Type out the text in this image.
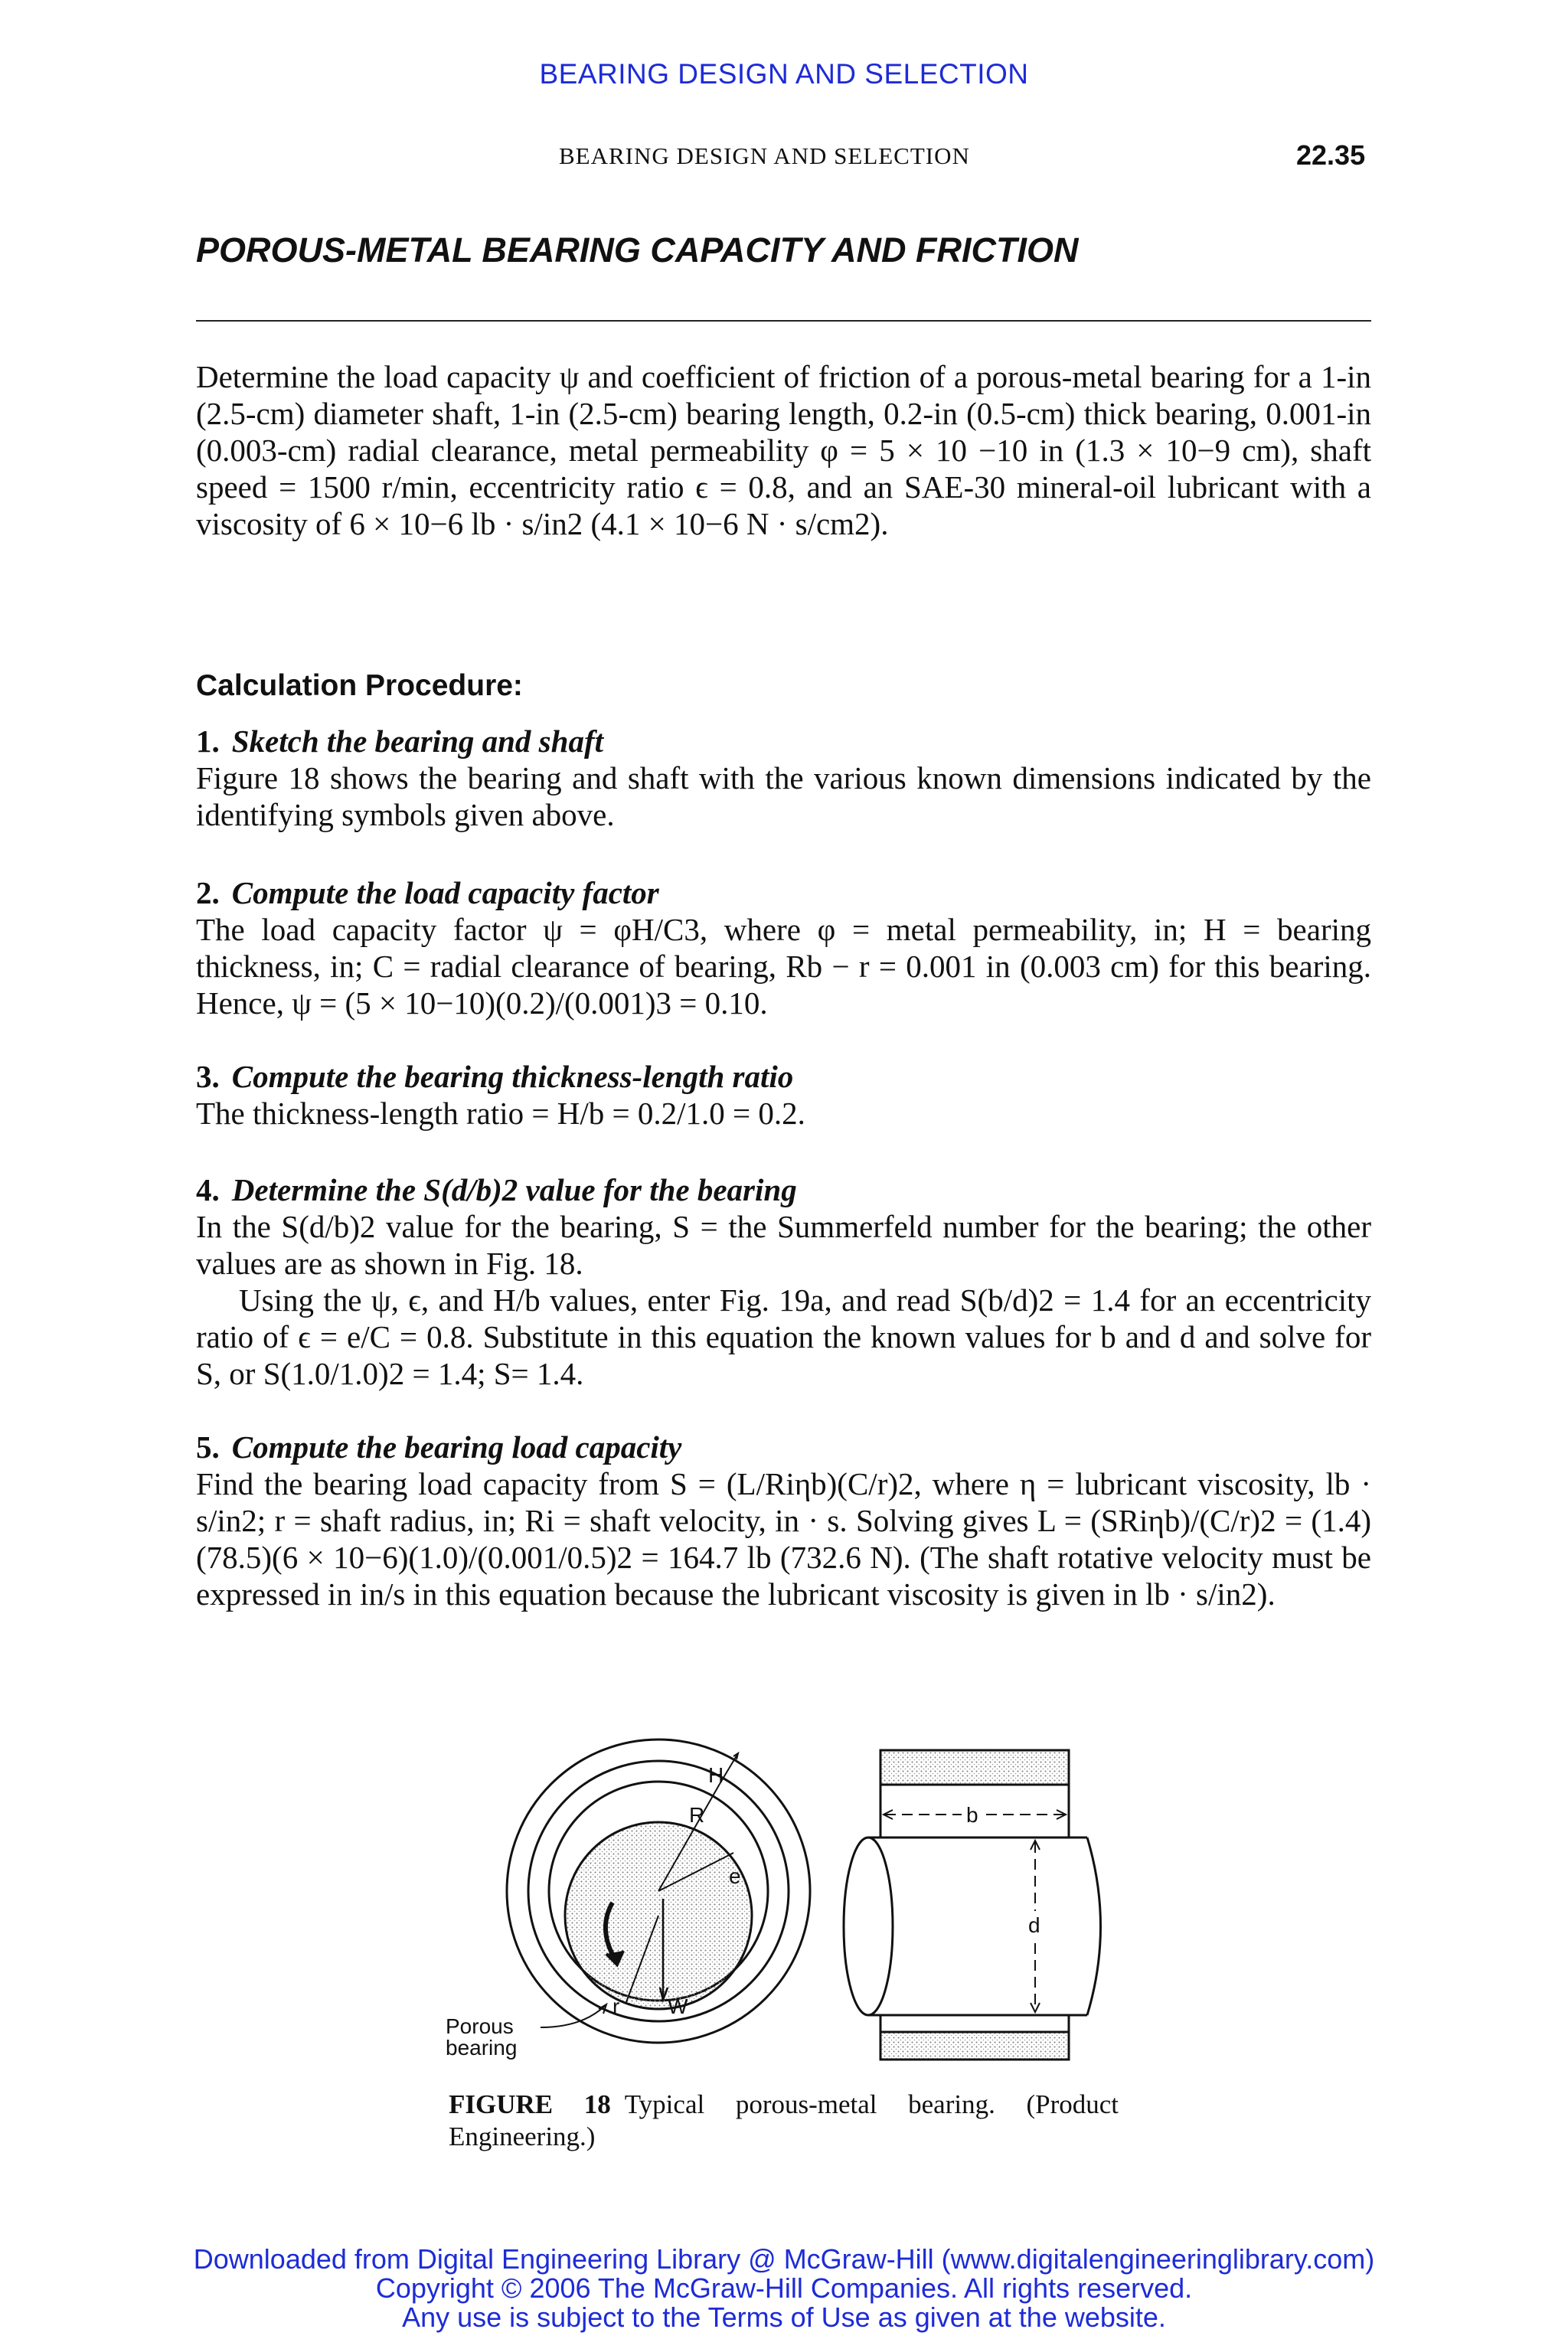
BEARING DESIGN AND SELECTION
BEARING DESIGN AND SELECTION	22.35
POROUS-METAL BEARING CAPACITY AND FRICTION
Determine the load capacity ψ and coefficient of friction of a porous-metal bearing for a 1-in (2.5-cm) diameter shaft, 1-in (2.5-cm) bearing length, 0.2-in (0.5-cm) thick bearing, 0.001-in (0.003-cm) radial clearance, metal permeability φ = 5 × 10 −10 in (1.3 × 10−9 cm), shaft speed = 1500 r/min, eccentricity ratio ϵ = 0.8, and an SAE-30 mineral-oil lubricant with a viscosity of 6 × 10−6 lb · s/in2 (4.1 × 10−6 N · s/cm2).
Calculation Procedure:
1. Sketch the bearing and shaft

Figure 18 shows the bearing and shaft with the various known dimensions indicated by the identifying symbols given above.

2. Compute the load capacity factor

The load capacity factor ψ = φH/C3, where φ = metal permeability, in; H = bearing thickness, in; C = radial clearance of bearing, Rb − r = 0.001 in (0.003 cm) for this bearing. Hence, ψ = (5 × 10−10)(0.2)/(0.001)3 = 0.10.

3. Compute the bearing thickness-length ratio

The thickness-length ratio = H/b = 0.2/1.0 = 0.2.

4. Determine the S(d/b)2 value for the bearing

In the S(d/b)2 value for the bearing, S = the Summerfeld number for the bearing; the other values are as shown in Fig. 18.

Using the ψ, ϵ, and H/b values, enter Fig. 19a, and read S(b/d)2 = 1.4 for an eccentricity ratio of ϵ = e/C = 0.8. Substitute in this equation the known values for b and d and solve for S, or S(1.0/1.0)2 = 1.4; S= 1.4.

5. Compute the bearing load capacity

Find the bearing load capacity from S = (L/Riηb)(C/r)2, where η = lubricant viscosity, lb · s/in2; r = shaft radius, in; Ri = shaft velocity, in · s. Solving gives L = (SRiηb)/(C/r)2 = (1.4)(78.5)(6 × 10−6)(1.0)/(0.001/0.5)2 = 164.7 lb (732.6 N). (The shaft rotative velocity must be expressed in in/s in this equation because the lubricant viscosity is given in lb · s/in2).

H
R
e
r W
Porous
bearing
b
d
FIGURE 18 Typical porous-metal bearing. (Product Engineering.)
Downloaded from Digital Engineering Library @ McGraw-Hill (www.digitalengineeringlibrary.com)
Copyright © 2006 The McGraw-Hill Companies. All rights reserved.
Any use is subject to the Terms of Use as given at the website.
